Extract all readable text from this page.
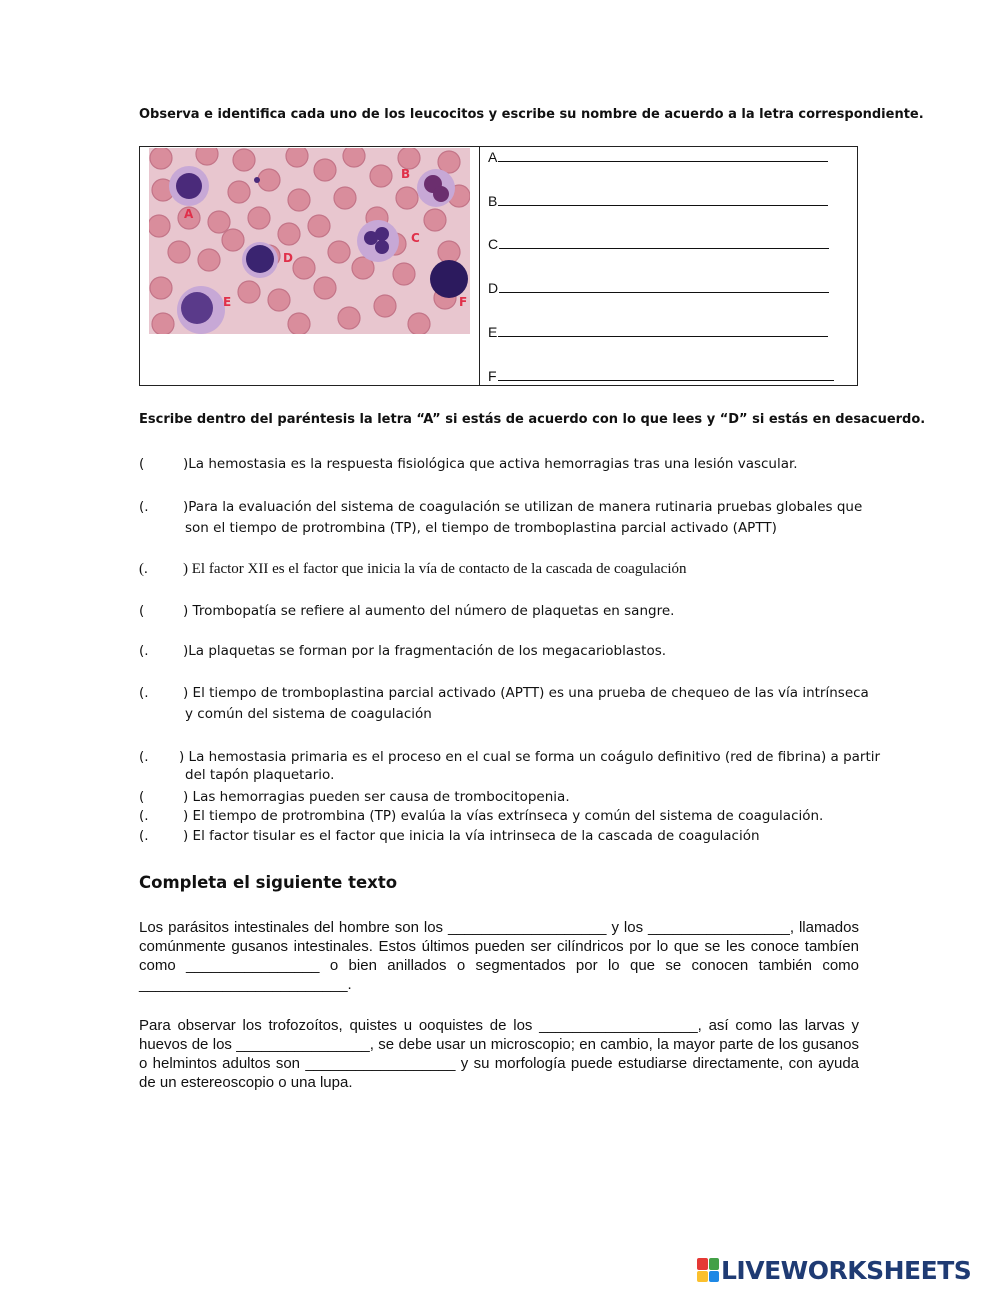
Observa e identifica cada uno de los leucocitos y escribe su nombre de acuerdo a la letra correspondiente.
A
B
C
D
E	F
A
B
C
D
E
F
Escribe dentro del paréntesis la letra “A” si estás de acuerdo con lo que lees y “D” si estás en desacuerdo.
(	)La hemostasia es la respuesta fisiológica que activa hemorragias tras una lesión vascular.
(.	)Para la evaluación del sistema de coagulación se utilizan de manera rutinaria pruebas globales que
son el tiempo de protrombina (TP), el tiempo de tromboplastina parcial activado (APTT)
(. ) El factor XII es el factor que inicia la vía de contacto de la cascada de coagulación
(	) Trombopatía se refiere al aumento del número de plaquetas en sangre.
(.	)La plaquetas se forman por la fragmentación de los megacarioblastos.
(.	) El tiempo de tromboplastina parcial activado (APTT) es una prueba de chequeo de las vía intrínseca
y común del sistema de coagulación
(. ) La hemostasia primaria es el proceso en el cual se forma un coágulo definitivo (red de fibrina) a partir
del tapón plaquetario.
(	) Las hemorragias pueden ser causa de trombocitopenia.
(.	) El tiempo de protrombina (TP) evalúa la vías extrínseca y común del sistema de coagulación.
(.	) El factor tisular es el factor que inicia la vía intrinseca de la cascada de coagulación
Completa el siguiente texto
Los parásitos intestinales del hombre son los ___________________ y los _________________, llamados comúnmente gusanos intestinales. Estos últimos pueden ser cilíndricos por lo que se les conoce tambíen como ________________ o bien anillados o segmentados por lo que se conocen también como _________________________.
Para observar los trofozoítos, quistes u ooquistes de los ___________________, así como las larvas y huevos de los ________________, se debe usar un microscopio; en cambio, la mayor parte de los gusanos o helmintos adultos son __________________ y su morfología puede estudiarse directamente, con ayuda de un estereoscopio o una lupa.
LIVEWORKSHEETS
